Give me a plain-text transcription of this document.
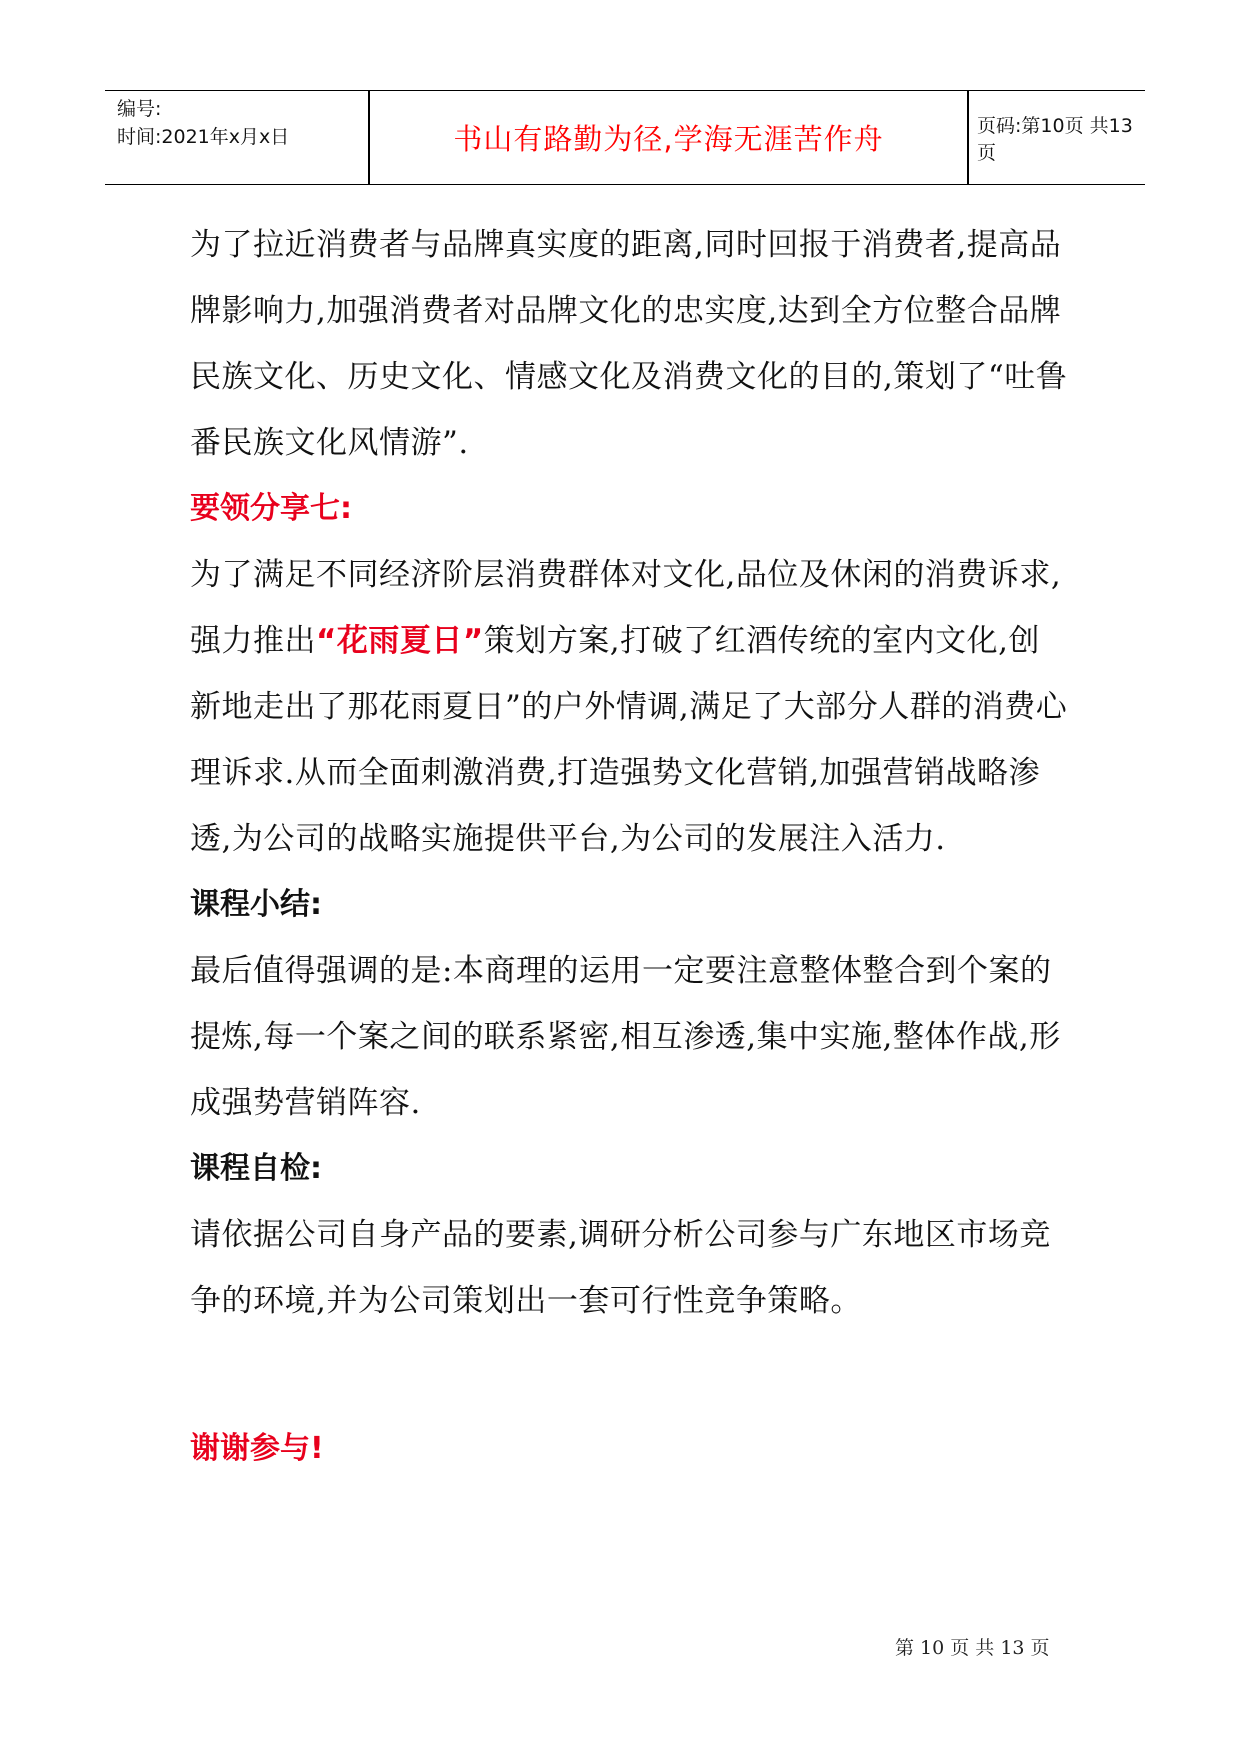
编号:
时间:2021年x月x日	书山有路勤为径,学海无涯苦作舟	页码:第10页 共13页

为了拉近消费者与品牌真实度的距离,同时回报于消费者,提高品牌影响力,加强消费者对品牌文化的忠实度,达到全方位整合品牌民族文化、历史文化、情感文化及消费文化的目的,策划了“吐鲁番民族文化风情游”.

要领分享七:

为了满足不同经济阶层消费群体对文化,品位及休闲的消费诉求,强力推出“花雨夏日”策划方案,打破了红酒传统的室内文化,创新地走出了那花雨夏日”的户外情调,满足了大部分人群的消费心理诉求.从而全面刺激消费,打造强势文化营销,加强营销战略渗透,为公司的战略实施提供平台,为公司的发展注入活力.

课程小结:

最后值得强调的是:本商理的运用一定要注意整体整合到个案的提炼,每一个案之间的联系紧密,相互渗透,集中实施,整体作战,形成强势营销阵容.

课程自检:

请依据公司自身产品的要素,调研分析公司参与广东地区市场竞争的环境,并为公司策划出一套可行性竞争策略。

谢谢参与!

第 10 页 共 13 页
